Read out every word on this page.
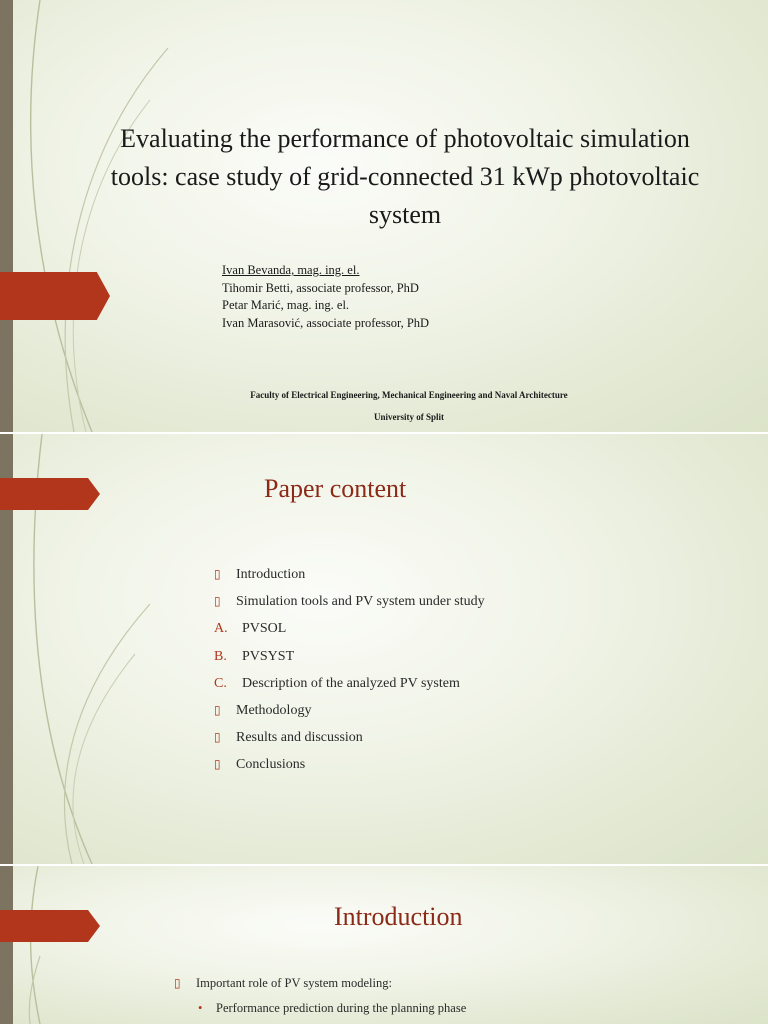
Evaluating the performance of photovoltaic simulation tools: case study of grid-connected 31 kWp photovoltaic system
Ivan Bevanda, mag. ing. el.
Tihomir Betti, associate professor, PhD
Petar Marić, mag. ing. el.
Ivan Marasović, associate professor, PhD

Faculty of Electrical Engineering, Mechanical Engineering and Naval Architecture

University of Split

Paper content
▯ Introduction
▯ Simulation tools and PV system under study
A. PVSOL
B. PVSYST
C. Description of the analyzed PV system
▯ Methodology
▯ Results and discussion
▯ Conclusions
Introduction
▯ Important role of PV system modeling:
• Performance prediction during the planning phase
